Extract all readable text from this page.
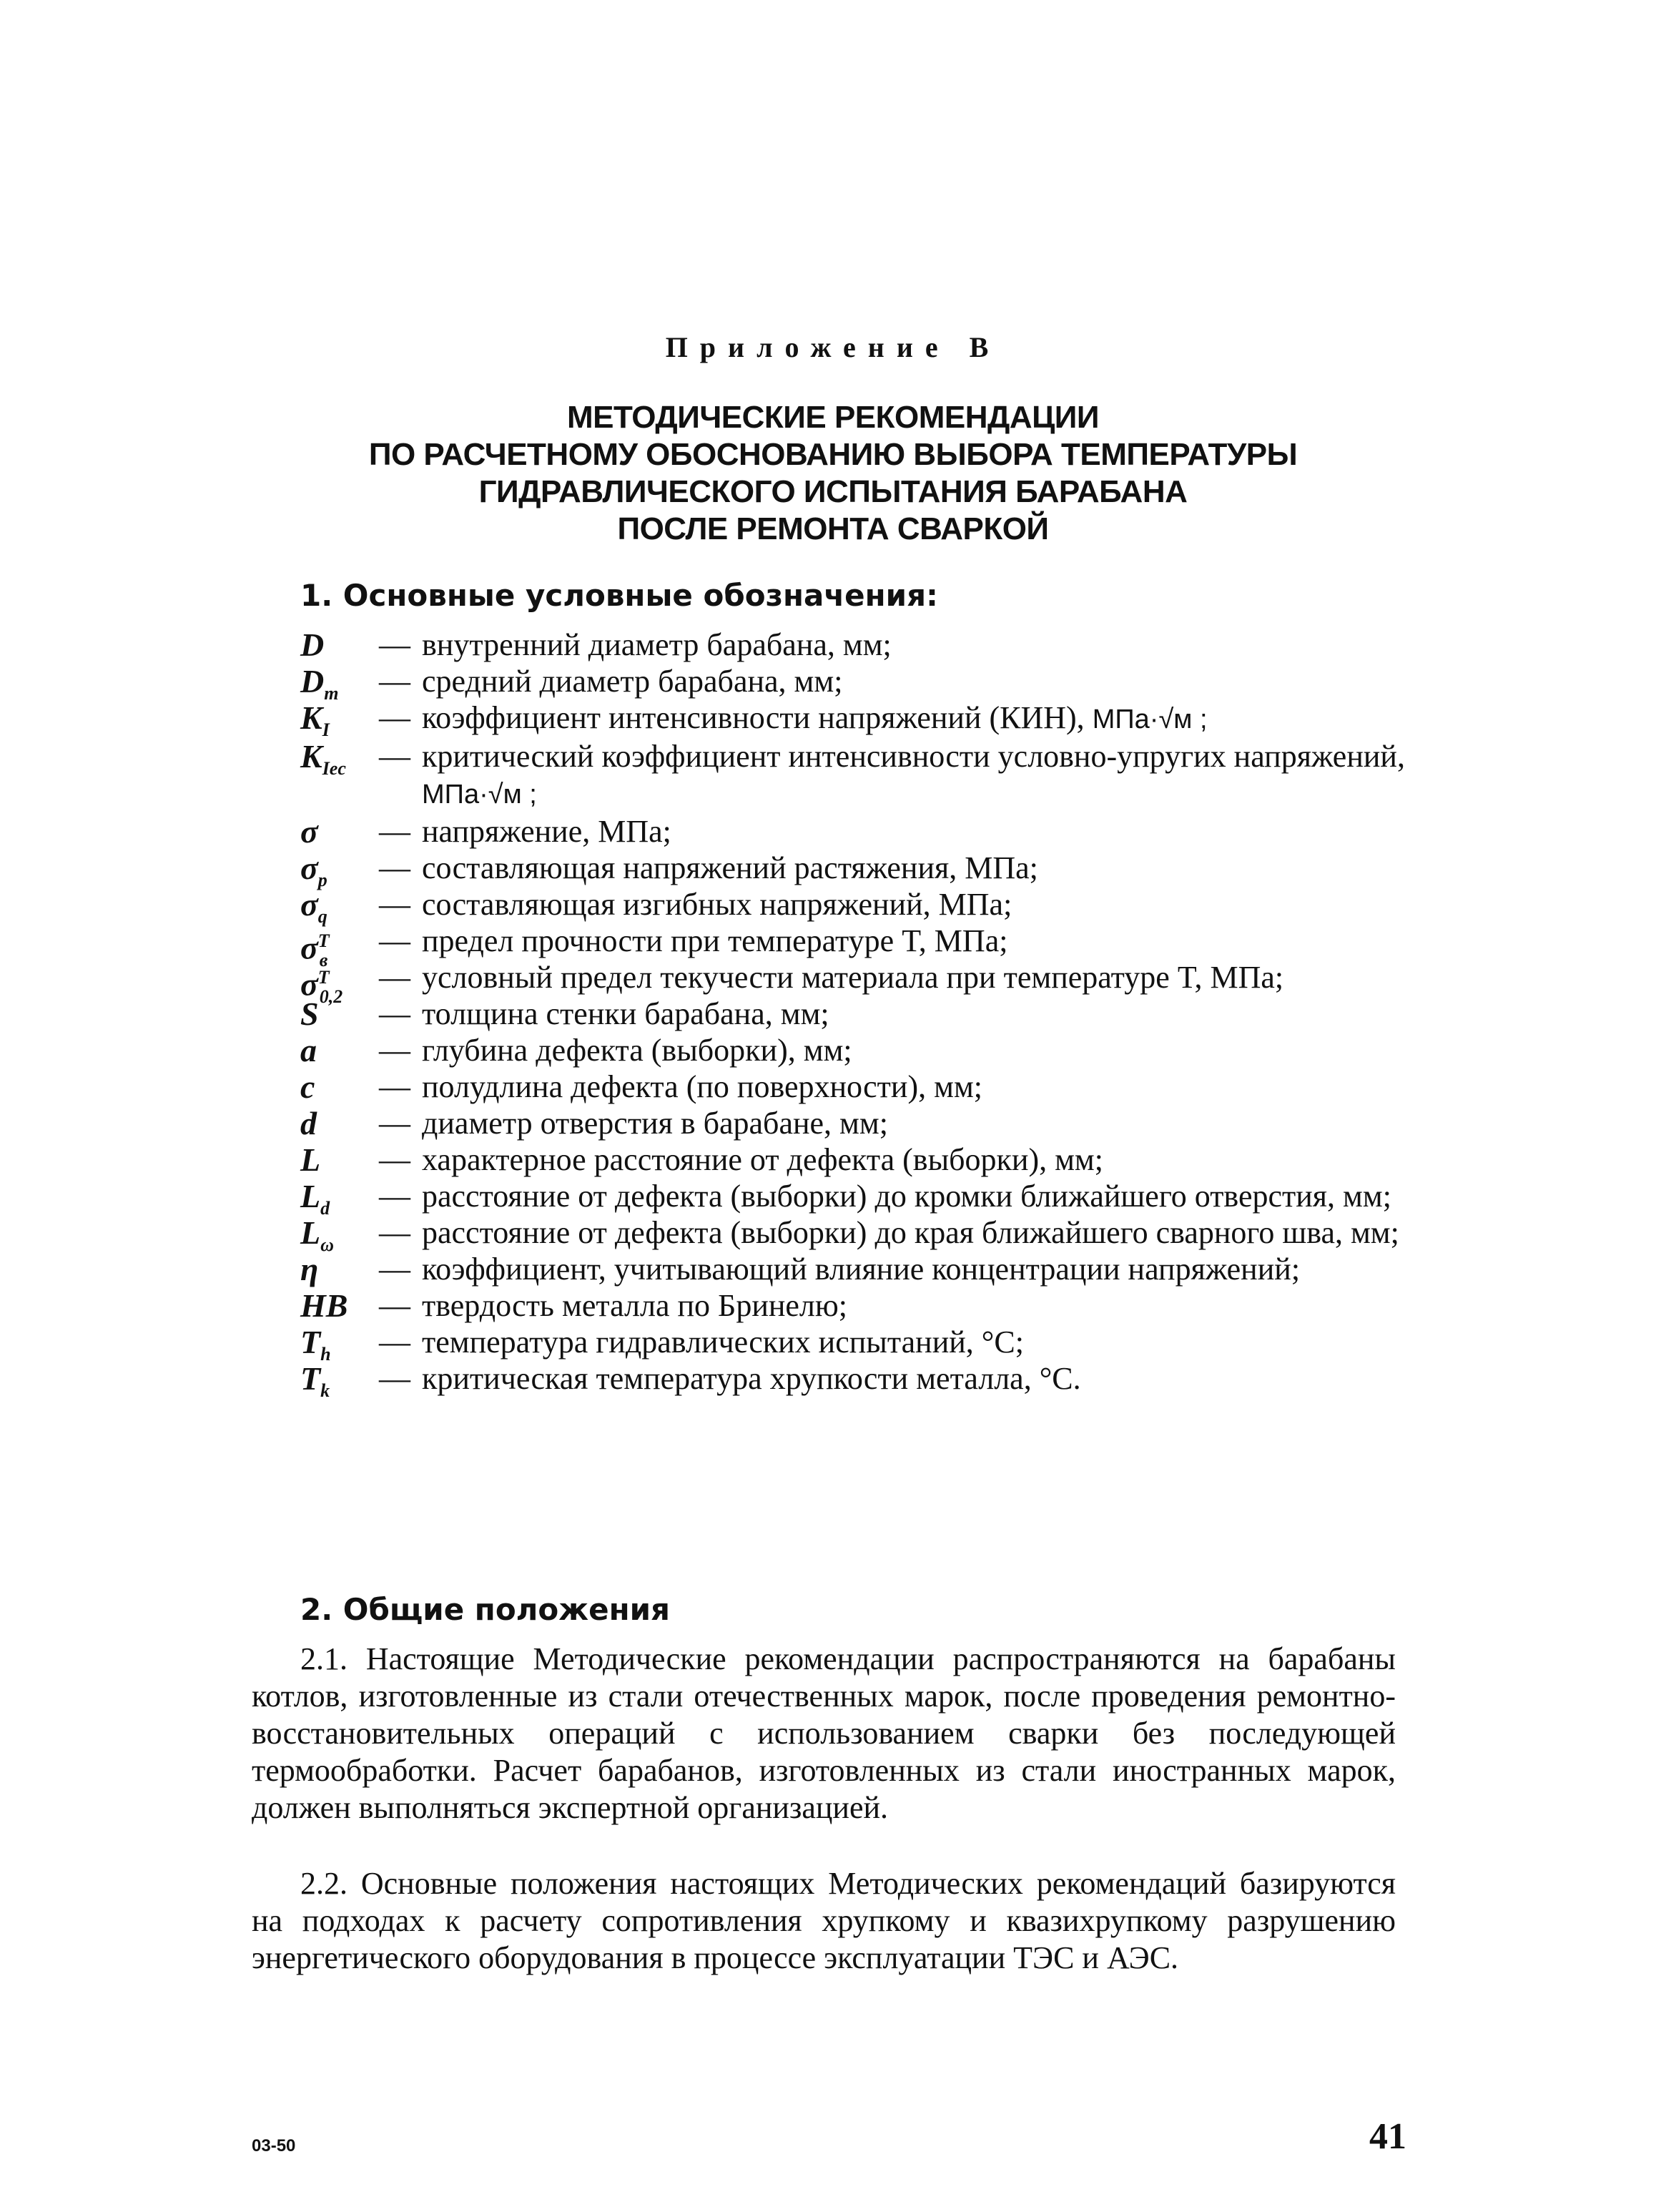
Приложение В
МЕТОДИЧЕСКИЕ РЕКОМЕНДАЦИИ
ПО РАСЧЕТНОМУ ОБОСНОВАНИЮ ВЫБОРА ТЕМПЕРАТУРЫ
ГИДРАВЛИЧЕСКОГО ИСПЫТАНИЯ БАРАБАНА
ПОСЛЕ РЕМОНТА СВАРКОЙ
1. Основные условные обозначения:
D — внутренний диаметр барабана, мм;
$D_m$ — средний диаметр барабана, мм;
$K_I$ — коэффициент интенсивности напряжений (КИН), МПа·√м ;
$K_{Iec}$ — критический коэффициент интенсивности условно-упругих напряжений, МПа·√м ;
σ — напряжение, МПа;
$\sigma_p$ — составляющая напряжений растяжения, МПа;
$\sigma_q$ — составляющая изгибных напряжений, МПа;
$\sigma^T_в$
— предел прочности при температуре T, МПа;
$\sigma^T_{0,2}$
— условный предел текучести материала при температуре T, МПа;
S — толщина стенки барабана, мм;
a — глубина дефекта (выборки), мм;
c — полудлина дефекта (по поверхности), мм;
d — диаметр отверстия в барабане, мм;
L — характерное расстояние от дефекта (выборки), мм;
$L_d$ — расстояние от дефекта (выборки) до кромки ближайшего отверстия, мм;
$L_\omega$ — расстояние от дефекта (выборки) до края ближайшего сварного шва, мм;
η — коэффициент, учитывающий влияние концентрации напряжений;
HB — твердость металла по Бринелю;
$T_h$ — температура гидравлических испытаний, °C;
$T_k$ — критическая температура хрупкости металла, °С.
2. Общие положения
2.1. Настоящие Методические рекомендации распространяются на барабаны котлов, изготовленные из стали отечественных марок, после проведения ремонтно-восстановительных операций с использованием сварки без последующей термообработки. Расчет барабанов, изготовленных из стали иностранных марок, должен выполняться экспертной организацией.
2.2. Основные положения настоящих Методических рекомендаций базируются на подходах к расчету сопротивления хрупкому и квазихрупкому разрушению энергетического оборудования в процессе эксплуатации ТЭС и АЭС.
03-50	41
